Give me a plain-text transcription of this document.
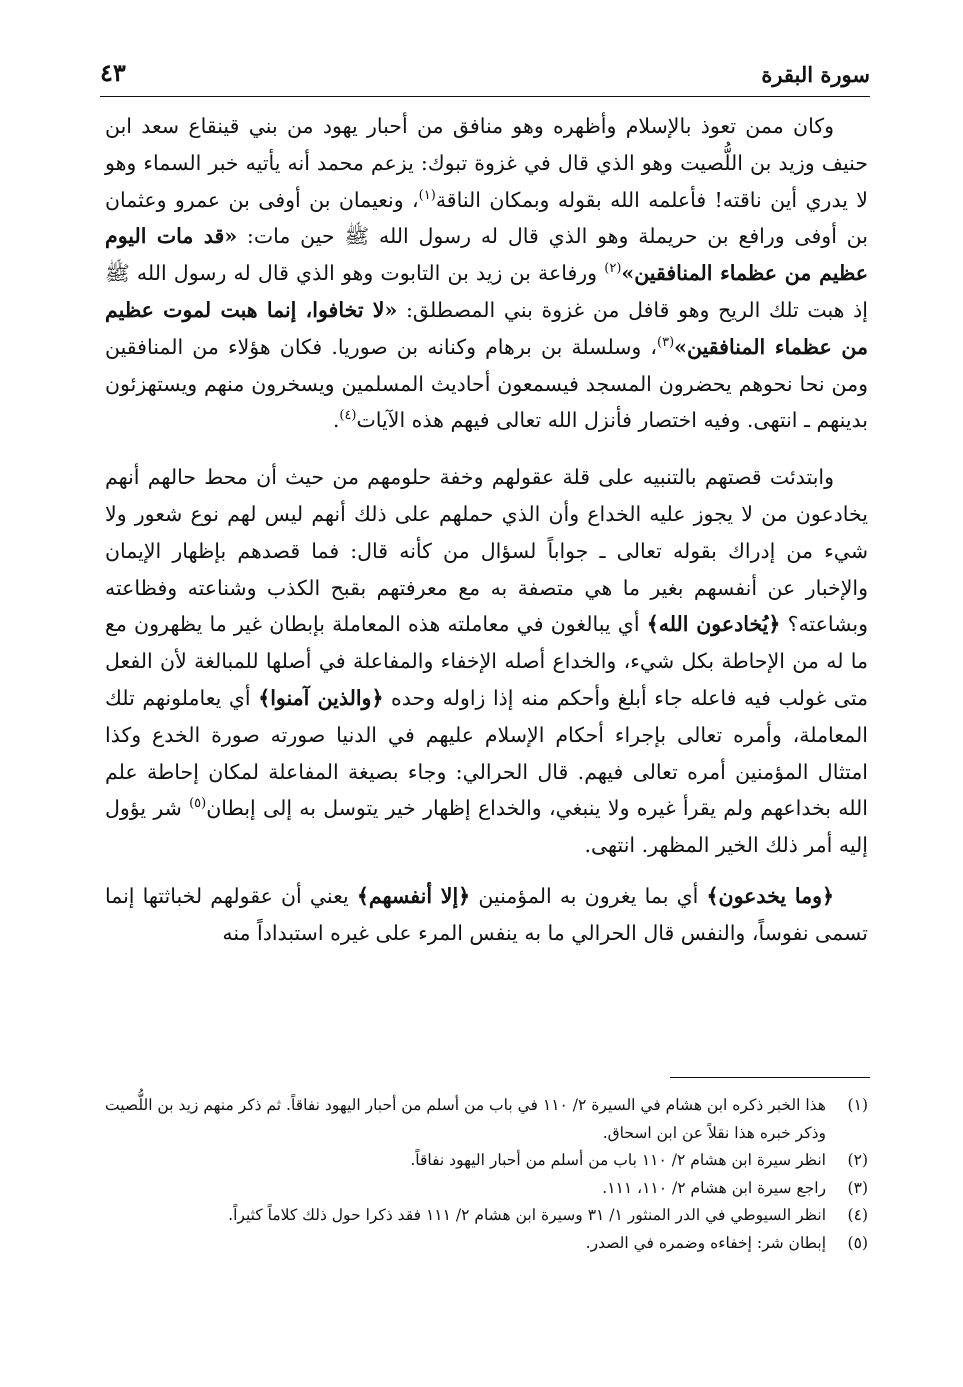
سورة البقرة
٤٣

وكان ممن تعوذ بالإسلام وأظهره وهو منافق من أحبار يهود من بني قينقاع سعد ابن حنيف وزيد بن اللُّصيت وهو الذي قال في غزوة تبوك: يزعم محمد أنه يأتيه خبر السماء وهو لا يدري أين ناقته! فأعلمه الله بقوله وبمكان الناقة$^{(١)}$، ونعيمان بن أوفى بن عمرو وعثمان بن أوفى ورافع بن حريملة وهو الذي قال له رسول الله ﷺ حين مات: «قد مات اليوم عظيم من عظماء المنافقين»$^{(٢)}$ ورفاعة بن زيد بن التابوت وهو الذي قال له رسول الله ﷺ إذ هبت تلك الريح وهو قافل من غزوة بني المصطلق: «لا تخافوا، إنما هبت لموت عظيم من عظماء المنافقين»$^{(٣)}$، وسلسلة بن برهام وكنانه بن صوريا. فكان هؤلاء من المنافقين ومن نحا نحوهم يحضرون المسجد فيسمعون أحاديث المسلمين ويسخرون منهم ويستهزئون بدينهم ـ انتهى. وفيه اختصار فأنزل الله تعالى فيهم هذه الآيات$^{(٤)}$.

وابتدئت قصتهم بالتنبيه على قلة عقولهم وخفة حلومهم من حيث أن محط حالهم أنهم يخادعون من لا يجوز عليه الخداع وأن الذي حملهم على ذلك أنهم ليس لهم نوع شعور ولا شيء من إدراك بقوله تعالى ـ جواباً لسؤال من كأنه قال: فما قصدهم بإظهار الإيمان والإخبار عن أنفسهم بغير ما هي متصفة به مع معرفتهم بقبح الكذب وشناعته وفظاعته وبشاعته؟ ﴿يُخادعون الله﴾ أي يبالغون في معاملته هذه المعاملة بإبطان غير ما يظهرون مع ما له من الإحاطة بكل شيء، والخداع أصله الإخفاء والمفاعلة في أصلها للمبالغة لأن الفعل متى غولب فيه فاعله جاء أبلغ وأحكم منه إذا زاوله وحده ﴿والذين آمنوا﴾ أي يعاملونهم تلك المعاملة، وأمره تعالى بإجراء أحكام الإسلام عليهم في الدنيا صورته صورة الخدع وكذا امتثال المؤمنين أمره تعالى فيهم. قال الحرالي: وجاء بصيغة المفاعلة لمكان إحاطة علم الله بخداعهم ولم يقرأ غيره ولا ينبغي، والخداع إظهار خير يتوسل به إلى إبطان$^{(٥)}$ شر يؤول إليه أمر ذلك الخير المظهر. انتهى.

﴿وما يخدعون﴾ أي بما يغرون به المؤمنين ﴿إلا أنفسهم﴾ يعني أن عقولهم لخباثتها إنما تسمى نفوساً، والنفس قال الحرالي ما به ينفس المرء على غيره استبداداً منه

(١)
هذا الخبر ذكره ابن هشام في السيرة ٢/ ١١٠ في باب من أسلم من أحبار اليهود نفاقاً. ثم ذكر منهم زيد بن اللُّصيت وذكر خبره هذا نقلاً عن ابن اسحاق.
(٢)
انظر سيرة ابن هشام ٢/ ١١٠ باب من أسلم من أحبار اليهود نفاقاً.
(٣)
راجع سيرة ابن هشام ٢/ ١١٠، ١١١.
(٤)
انظر السيوطي في الدر المنثور ١/ ٣١ وسيرة ابن هشام ٢/ ١١١ فقد ذكرا حول ذلك كلاماً كثيراً.
(٥)
إبطان شر: إخفاءه وضمره في الصدر.
